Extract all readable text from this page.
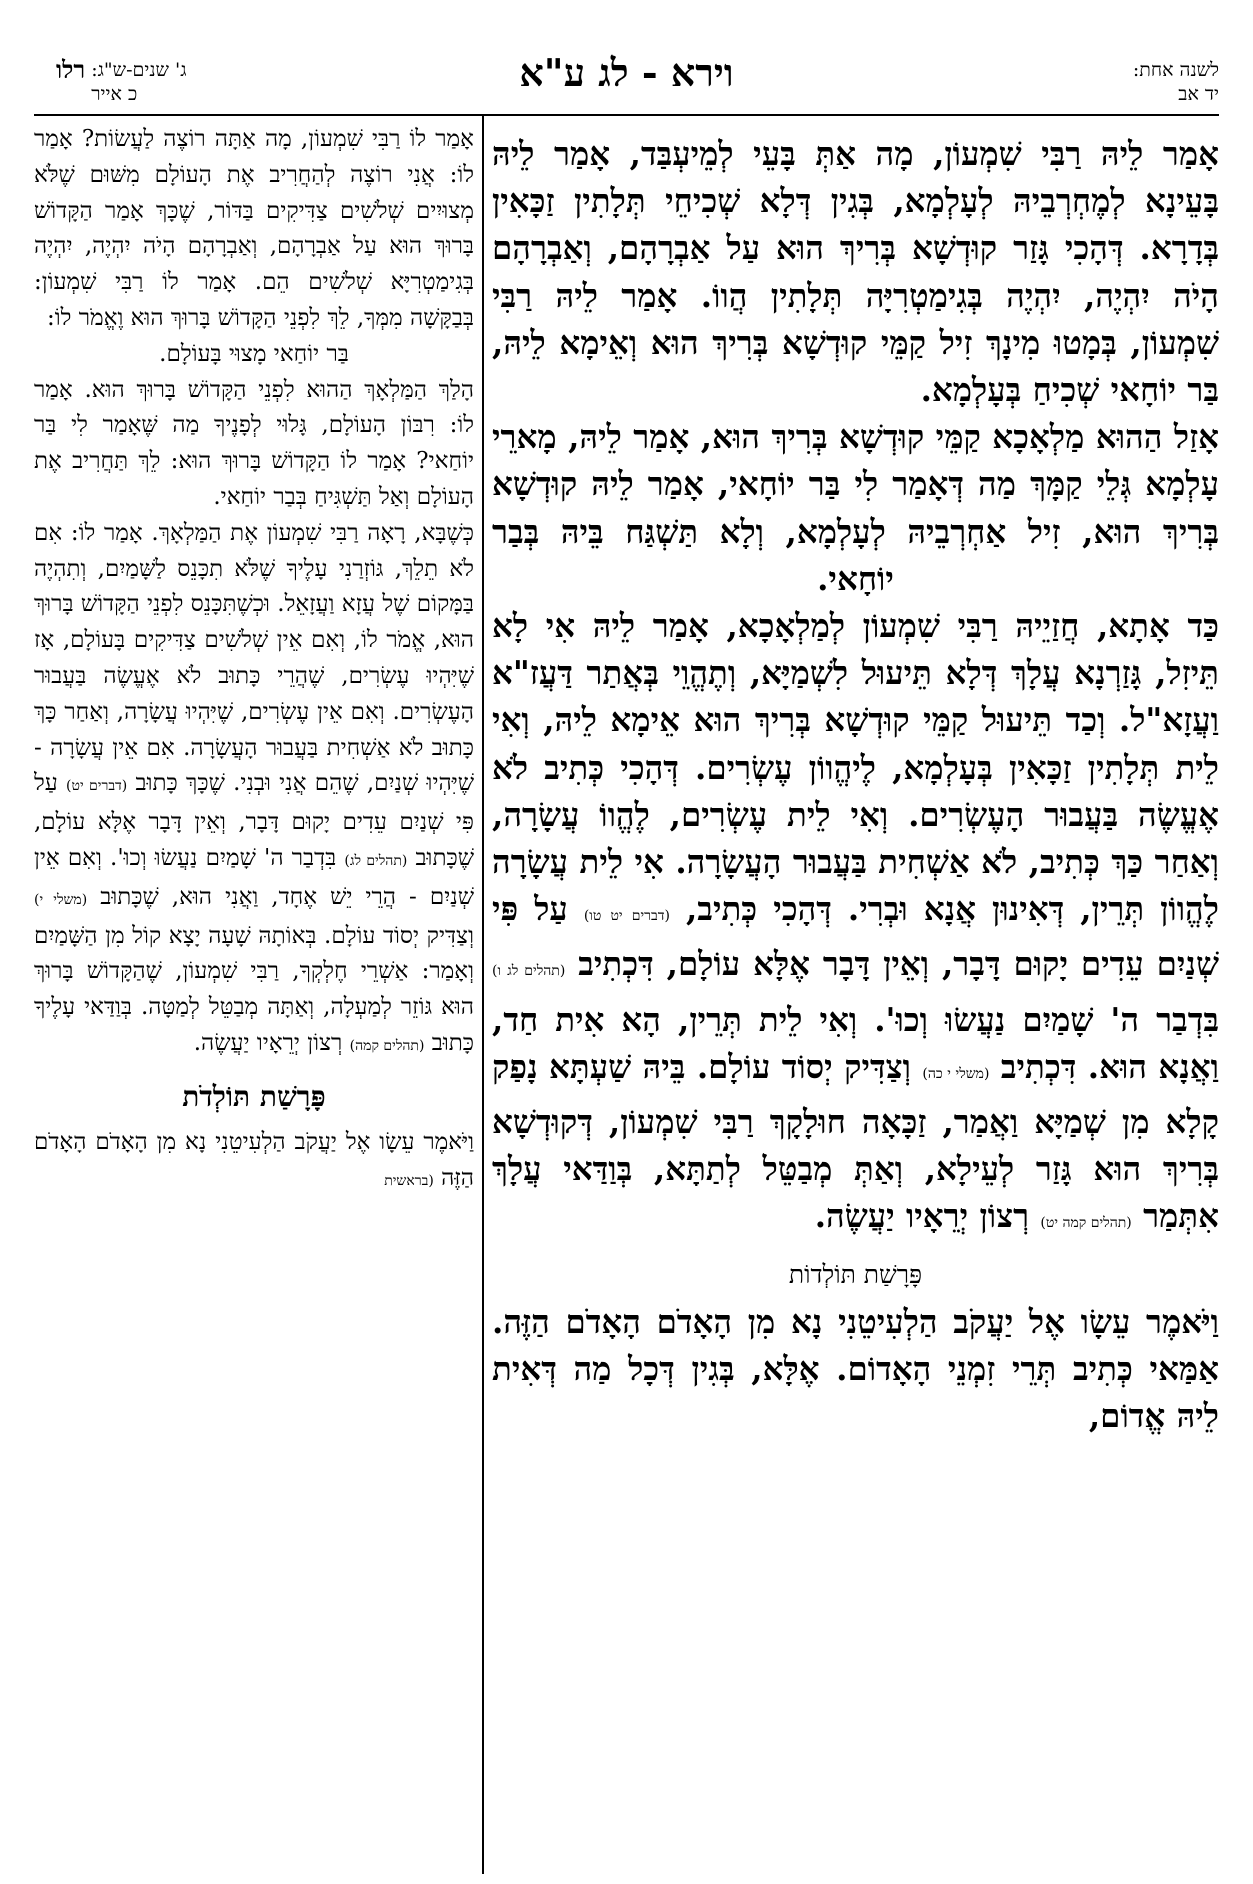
לשנה אחת:
יד אב
וירא - לג ע"א
ג' שנים-ש"ג:
כ אייר
רלו

אָמַר לֵיהּ רַבִּי שִׁמְעוֹן, מָה אַתְּ בָּעֵי לְמֵיעְבַּד, אָמַר לֵיהּ בָּעֵינָא לְמֶחְרְבֵיהּ לְעָלְמָא, בְּגִין דְּלָא שְׁכִיחֵי תְּלָתִין זַכָּאִין בְּדָרָא. דְּהָכִי גָּזַר קוּדְשָׁא בְּרִיךְ הוּא עַל אַבְרָהָם, וְאַבְרָהָם הָיֹה יִהְיֶה, יִהְיֶה בְּגִימַטְרִיָּה תְּלָתִין הֲווֹ. אָמַר לֵיהּ רַבִּי שִׁמְעוֹן, בְּמָטוּ מִינָךְ זִיל קַמֵּי קוּדְשָׁא בְּרִיךְ הוּא וְאֵימָא לֵיהּ, בַּר יוֹחָאי שְׁכִיחַ בְּעָלְמָא.

אָזַל הַהוּא מַלְאָכָא קַמֵּי קוּדְשָׁא בְּרִיךְ הוּא, אָמַר לֵיהּ, מָארֵי עָלְמָא גְּלֵי קַמָּךְ מַה דְּאָמַר לִי בַּר יוֹחָאי, אָמַר לֵיהּ קוּדְשָׁא בְּרִיךְ הוּא, זִיל אַחְרְבֵיהּ לְעָלְמָא, וְלָא תַּשְׁגַּח בֵּיהּ בְּבַר יוֹחָאי.

כַּד אָתָא, חֲזַיֵיהּ רַבִּי שִׁמְעוֹן לְמַלְאָכָא, אָמַר לֵיהּ אִי לָא תֵּיזִל, גָּזַרְנָא עֲלָךְ דְּלָא תֵּיעוּל לִשְׁמַיָּא, וְתֶהֱוֵי בְּאֲתַר דַּעֲז"א וַעֲזָא"ל. וְכַד תֵּיעוּל קַמֵּי קוּדְשָׁא בְּרִיךְ הוּא אֵימָא לֵיהּ, וְאִי לֵית תְּלָתִין זַכָּאִין בְּעָלְמָא, לֶיהֱווֹן עֶשְׂרִים. דְּהָכִי כְּתִיב לֹא אֶעֱשֶׂה בַּעֲבוּר הָעֶשְׂרִים. וְאִי לֵית עֶשְׂרִים, לֶהֱווֹ עֲשָׂרָה, וְאַחַר כַּךְ כְּתִיב, לֹא אַשְׁחִית בַּעֲבוּר הָעֲשָׂרָה. אִי לֵית עֲשָׂרָה לֶהֱווֹן תְּרֵין, דְּאִינוּן אֲנָא וּבְרִי. דְּהָכִי כְּתִיב, (דברים יט טו) עַל פִּי שְׁנַיִם עֵדִים יָקוּם דָּבָר, וְאֵין דָּבָר אֶלָּא עוֹלָם, דִּכְתִיב (תהלים לג ו) בִּדְבַר ה' שָׁמַיִם נַעֲשׂוּ וְכוּ'. וְאִי לֵית תְּרֵין, הָא אִית חַד, וַאֲנָא הוּא. דִּכְתִיב (משלי י כה) וְצַדִּיק יְסוֹד עוֹלָם. בֵּיהּ שַׁעְתָּא נָפַק קָלָא מִן שְׁמַיָּא וַאֲמַר, זַכָּאָה חוּלָקָךְ רַבִּי שִׁמְעוֹן, דְּקוּדְשָׁא בְּרִיךְ הוּא גָּזַר לְעֵילָא, וְאַתְּ מְבַטֵּל לְתַתָּא, בְּוַדַּאי עֲלָךְ אִתְּמַר (תהלים קמה יט) רְצוֹן יְרֵאָיו יַעֲשֶׂה.

פָּרָשַׁת תּוֹלְדוֹת

וַיֹּאמֶר עֵשָׂו אֶל יַעֲקֹב הַלְעִיטֵנִי נָא מִן הָאָדֹם הָאָדֹם הַזֶּה. אַמַּאי כְּתִיב תְּרֵי זִמְנֵי הָאָדוֹם. אֶלָּא, בְּגִין דְּכָל מַה דְּאִית לֵיהּ אֱדוֹם,

אָמַר לוֹ רַבִּי שִׁמְעוֹן, מָה אַתָּה רוֹצֶה לַעֲשׂוֹת? אָמַר לוֹ: אֲנִי רוֹצֶה לְהַחֲרִיב אֶת הָעוֹלָם מִשּׁוּם שֶׁלֹּא מְצוּיִים שְׁלֹשִׁים צַדִּיקִים בַּדּוֹר, שֶׁכָּךְ אָמַר הַקָּדוֹשׁ בָּרוּךְ הוּא עַל אַבְרָהָם, וְאַבְרָהָם הָיֹה יִהְיֶה, יִהְיֶה בְּגִימַטְרִיָּא שְׁלֹשִׁים הֵם. אָמַר לוֹ רַבִּי שִׁמְעוֹן: בְּבַקָּשָׁה מִמְּךָ, לֵךְ לִפְנֵי הַקָּדוֹשׁ בָּרוּךְ הוּא וֶאֱמֹר לוֹ:

בַּר יוֹחַאי מָצוּי בָּעוֹלָם.

הָלַךְ הַמַּלְאָךְ הַהוּא לִפְנֵי הַקָּדוֹשׁ בָּרוּךְ הוּא. אָמַר לוֹ: רִבּוֹן הָעוֹלָם, גָּלוּי לְפָנֶיךָ מַה שֶּׁאָמַר לִי בַּר יוֹחַאי? אָמַר לוֹ הַקָּדוֹשׁ בָּרוּךְ הוּא: לֵךְ תַּחֲרִיב אֶת הָעוֹלָם וְאַל תַּשְׁגִּיחַ בְּבַר יוֹחַאי.

כְּשֶׁבָּא, רָאָה רַבִּי שִׁמְעוֹן אֶת הַמַּלְאָךְ. אָמַר לוֹ: אִם לֹא תֵלֵךְ, גּוֹזְרַנִי עָלֶיךָ שֶׁלֹּא תִכָּנֵס לַשָּׁמַיִם, וְתִהְיֶה בַּמָּקוֹם שֶׁל עֲזָא וַעֲזָאֵל. וּכְשֶׁתִּכָּנֵס לִפְנֵי הַקָּדוֹשׁ בָּרוּךְ הוּא, אֱמֹר לוֹ, וְאִם אֵין שְׁלֹשִׁים צַדִּיקִים בָּעוֹלָם, אָז שֶׁיִּהְיוּ עֶשְׂרִים, שֶׁהֲרֵי כָּתוּב לֹא אֶעֱשֶׂה בַּעֲבוּר הָעֶשְׂרִים. וְאִם אֵין עֶשְׂרִים, שֶׁיִּהְיוּ עֲשָׂרָה, וְאַחַר כָּךְ כָּתוּב לֹא אַשְׁחִית בַּעֲבוּר הָעֲשָׂרָה. אִם אֵין עֲשָׂרָה - שֶׁיִּהְיוּ שְׁנַיִם, שֶׁהֵם אֲנִי וּבְנִי. שֶׁכָּךְ כָּתוּב (דברים יט) עַל פִּי שְׁנַיִם עֵדִים יָקוּם דָּבָר, וְאֵין דָּבָר אֶלָּא עוֹלָם, שֶׁכָּתוּב (תהלים לג) בִּדְבַר ה' שָׁמַיִם נַעֲשׂוּ וְכוּ'. וְאִם אֵין שְׁנַיִם - הֲרֵי יֵשׁ אֶחָד, וַאֲנִי הוּא, שֶׁכָּתוּב (משלי י) וְצַדִּיק יְסוֹד עוֹלָם. בְּאוֹתָהּ שָׁעָה יָצָא קוֹל מִן הַשָּׁמַיִם וְאָמַר: אַשְׁרֵי חֶלְקְךָ, רַבִּי שִׁמְעוֹן, שֶׁהַקָּדוֹשׁ בָּרוּךְ הוּא גּוֹזֵר לְמַעְלָה, וְאַתָּה מְבַטֵּל לְמַטָּה. בְּוַדַּאי עָלֶיךָ כָּתוּב (תהלים קמה) רְצוֹן יְרֵאָיו יַעֲשֶׂה.

פָּרָשַׁת תּוֹלְדֹת

וַיֹּאמֶר עֵשָׂו אֶל יַעֲקֹב הַלְעִיטֵנִי נָא מִן הָאָדֹם הָאָדֹם הַזֶּה (בראשית
